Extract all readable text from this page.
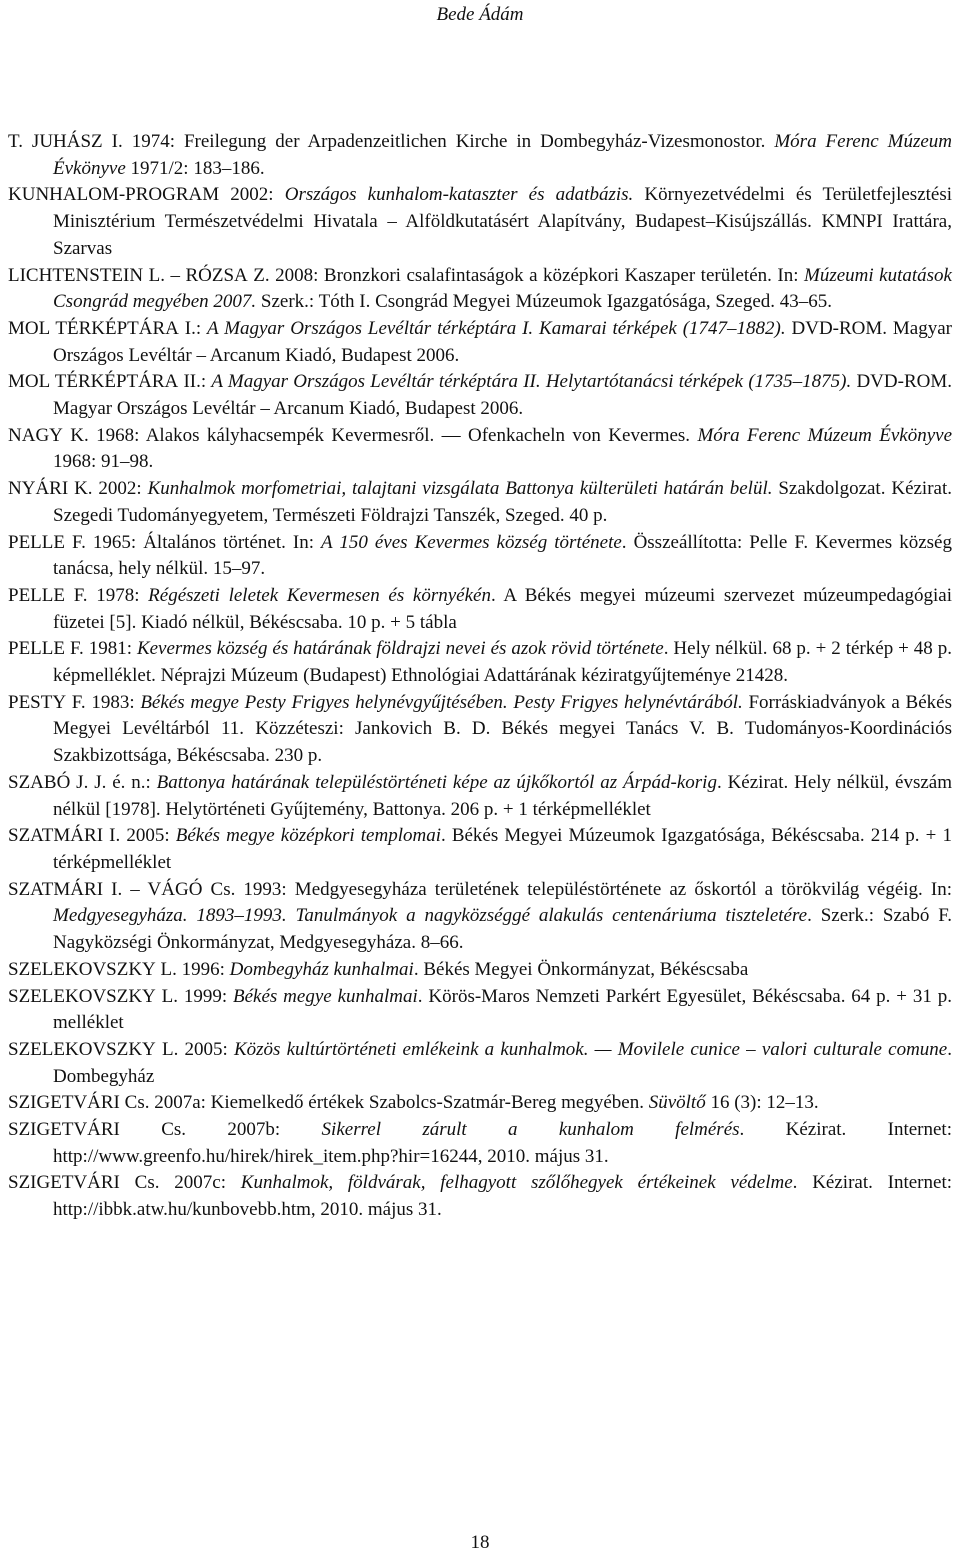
Bede Ádám

T. JUHÁSZ I. 1974: Freilegung der Arpadenzeitlichen Kirche in Dombegyház-Vizesmonostor. Móra Ferenc Múzeum Évkönyve 1971/2: 183–186.

KUNHALOM-PROGRAM 2002: Országos kunhalom-kataszter és adatbázis. Környezetvédelmi és Területfejlesztési Minisztérium Természetvédelmi Hivatala – Alföldkutatásért Alapítvány, Budapest–Kisújszállás. KMNPI Irattára, Szarvas

LICHTENSTEIN L. – RÓZSA Z. 2008: Bronzkori csalafintaságok a középkori Kaszaper területén. In: Múzeumi kutatások Csongrád megyében 2007. Szerk.: Tóth I. Csongrád Megyei Múzeumok Igazgatósága, Szeged. 43–65.

MOL TÉRKÉPTÁRA I.: A Magyar Országos Levéltár térképtára I. Kamarai térképek (1747–1882). DVD-ROM. Magyar Országos Levéltár – Arcanum Kiadó, Budapest 2006.

MOL TÉRKÉPTÁRA II.: A Magyar Országos Levéltár térképtára II. Helytartótanácsi térképek (1735–1875). DVD-ROM. Magyar Országos Levéltár – Arcanum Kiadó, Budapest 2006.

NAGY K. 1968: Alakos kályhacsempék Kevermesről. — Ofenkacheln von Kevermes. Móra Ferenc Múzeum Évkönyve 1968: 91–98.

NYÁRI K. 2002: Kunhalmok morfometriai, talajtani vizsgálata Battonya külterületi határán belül. Szakdolgozat. Kézirat. Szegedi Tudományegyetem, Természeti Földrajzi Tanszék, Szeged. 40 p.

PELLE F. 1965: Általános történet. In: A 150 éves Kevermes község története. Összeállította: Pelle F. Kevermes község tanácsa, hely nélkül. 15–97.

PELLE F. 1978: Régészeti leletek Kevermesen és környékén. A Békés megyei múzeumi szervezet múzeumpedagógiai füzetei [5]. Kiadó nélkül, Békéscsaba. 10 p. + 5 tábla

PELLE F. 1981: Kevermes község és határának földrajzi nevei és azok rövid története. Hely nélkül. 68 p. + 2 térkép + 48 p. képmelléklet. Néprajzi Múzeum (Budapest) Ethnológiai Adattárának kéziratgyűjteménye 21428.

PESTY F. 1983: Békés megye Pesty Frigyes helynévgyűjtésében. Pesty Frigyes helynévtárából. Forráskiadványok a Békés Megyei Levéltárból 11. Közzéteszi: Jankovich B. D. Békés megyei Tanács V. B. Tudományos-Koordinációs Szakbizottsága, Békéscsaba. 230 p.

SZABÓ J. J. é. n.: Battonya határának településtörténeti képe az újkőkortól az Árpád-korig. Kézirat. Hely nélkül, évszám nélkül [1978]. Helytörténeti Gyűjtemény, Battonya. 206 p. + 1 térképmelléklet

SZATMÁRI I. 2005: Békés megye középkori templomai. Békés Megyei Múzeumok Igazgatósága, Békéscsaba. 214 p. + 1 térképmelléklet

SZATMÁRI I. – VÁGÓ Cs. 1993: Medgyesegyháza területének településtörténete az őskortól a törökvilág végéig. In: Medgyesegyháza. 1893–1993. Tanulmányok a nagyközséggé alakulás centenáriuma tiszteletére. Szerk.: Szabó F. Nagyközségi Önkormányzat, Medgyesegyháza. 8–66.

SZELEKOVSZKY L. 1996: Dombegyház kunhalmai. Békés Megyei Önkormányzat, Békéscsaba

SZELEKOVSZKY L. 1999: Békés megye kunhalmai. Körös-Maros Nemzeti Parkért Egyesület, Békéscsaba. 64 p. + 31 p. melléklet

SZELEKOVSZKY L. 2005: Közös kultúrtörténeti emlékeink a kunhalmok. — Movilele cunice – valori culturale comune. Dombegyház

SZIGETVÁRI Cs. 2007a: Kiemelkedő értékek Szabolcs-Szatmár-Bereg megyében. Süvöltő 16 (3): 12–13.

SZIGETVÁRI Cs. 2007b: Sikerrel zárult a kunhalom felmérés. Kézirat. Internet: http://www.greenfo.hu/hirek/hirek_item.php?hir=16244, 2010. május 31.

SZIGETVÁRI Cs. 2007c: Kunhalmok, földvárak, felhagyott szőlőhegyek értékeinek védelme. Kézirat. Internet: http://ibbk.atw.hu/kunbovebb.htm, 2010. május 31.

18
